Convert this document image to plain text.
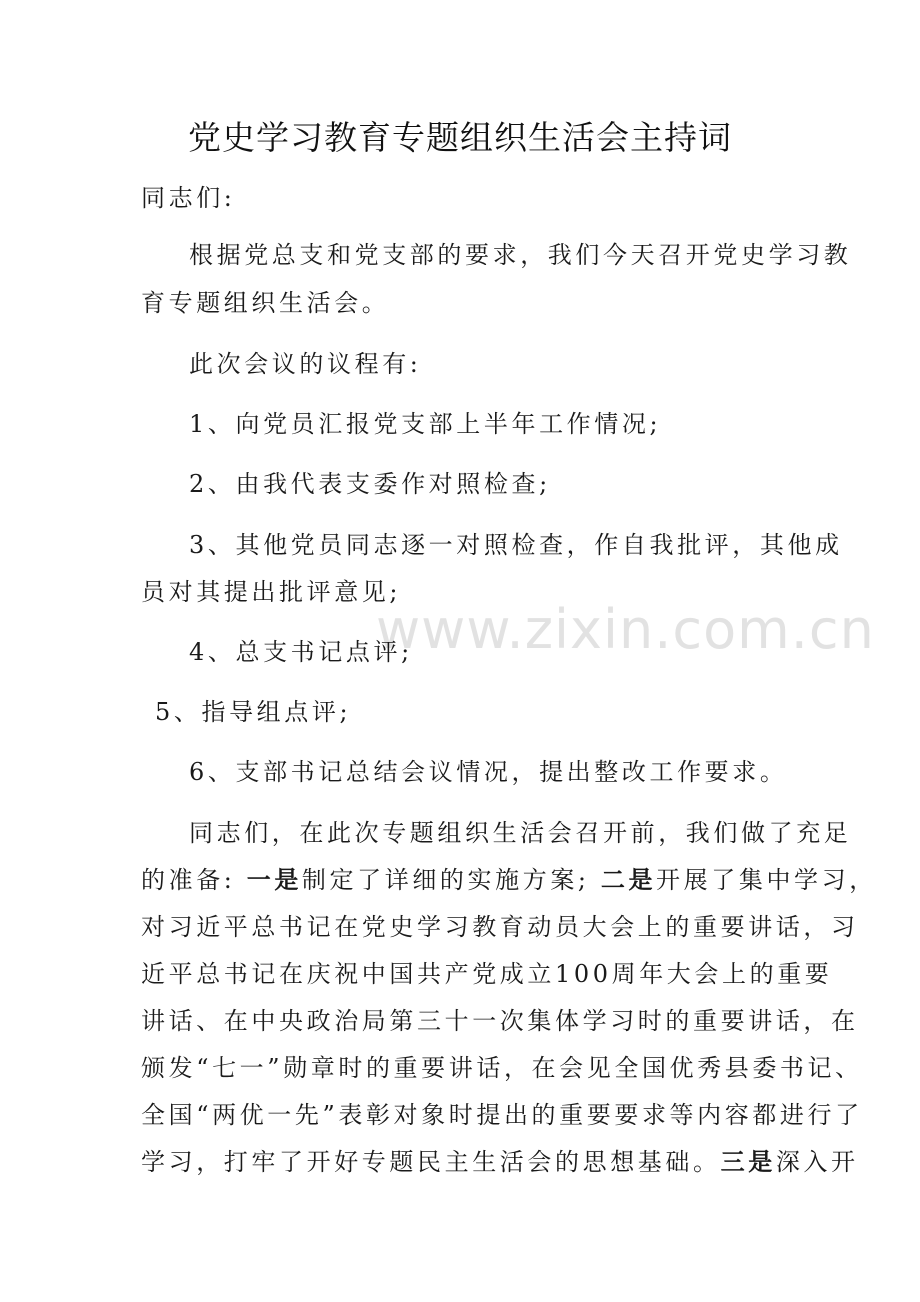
www.zixin.com.cn
党史学习教育专题组织生活会主持词
同志们:
根据党总支和党支部的要求，我们今天召开党史学习教
育专题组织生活会。
此次会议的议程有:
1、向党员汇报党支部上半年工作情况;
2、由我代表支委作对照检查;
3、其他党员同志逐一对照检查，作自我批评，其他成
员对其提出批评意见;
4、总支书记点评;
5、指导组点评;
6、支部书记总结会议情况，提出整改工作要求。
同志们，在此次专题组织生活会召开前，我们做了充足
的准备: 一是制定了详细的实施方案; 二是开展了集中学习，
对习近平总书记在党史学习教育动员大会上的重要讲话，习
近平总书记在庆祝中国共产党成立100周年大会上的重要
讲话、在中央政治局第三十一次集体学习时的重要讲话，在
颁发“七一”勋章时的重要讲话，在会见全国优秀县委书记、
全国“两优一先”表彰对象时提出的重要要求等内容都进行了
学习，打牢了开好专题民主生活会的思想基础。三是深入开
